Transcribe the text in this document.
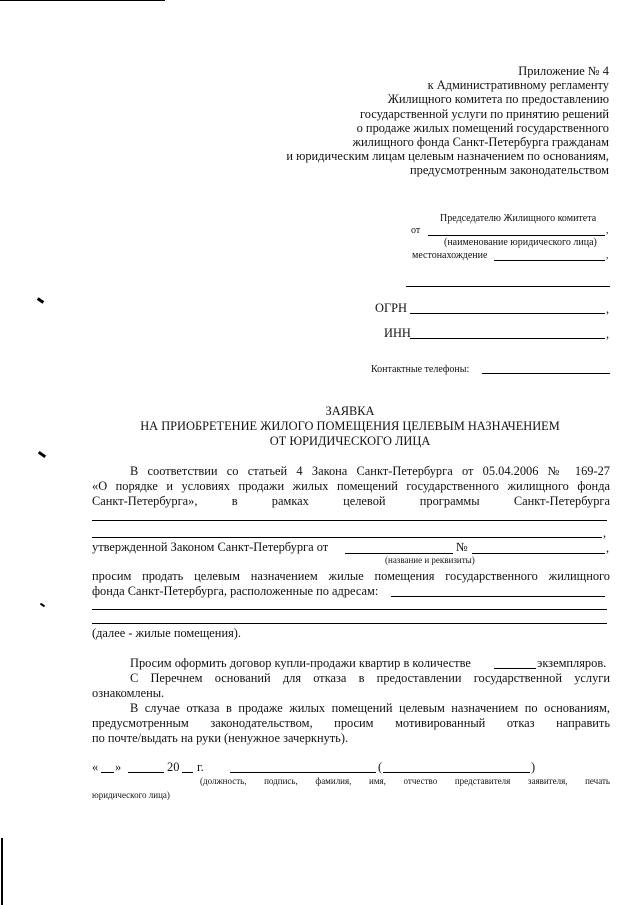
Приложение № 4
к Административному регламенту
Жилищного комитета по предоставлению
государственной услуги по принятию решений
о продаже жилых помещений государственного
жилищного фонда Санкт-Петербурга гражданам
и юридическим лицам целевым назначением по основаниям,
предусмотренным законодательством
Председателю Жилищного комитета
от	,
(наименование юридического лица)
местонахождение	,
ОГРН	,
ИНН	,
Контактные телефоны:
ЗАЯВКА
НА ПРИОБРЕТЕНИЕ ЖИЛОГО ПОМЕЩЕНИЯ ЦЕЛЕВЫМ НАЗНАЧЕНИЕМ
ОТ ЮРИДИЧЕСКОГО ЛИЦА
В соответствии со статьей 4 Закона Санкт-Петербурга от 05.04.2006 № 169-27
«О порядке и условиях продажи жилых помещений государственного жилищного фонда
Санкт-Петербурга», в рамках целевой программы Санкт-Петербурга
,
утвержденной Законом Санкт-Петербурга от	№	,
(название и реквизиты)
просим продать целевым назначением жилые помещения государственного жилищного
фонда Санкт-Петербурга, расположенные по адресам:
(далее - жилые помещения).
Просим оформить договор купли-продажи квартир в количестве	экземпляров.
С Перечнем оснований для отказа в предоставлении государственной услуги
ознакомлены.
В случае отказа в продаже жилых помещений целевым назначением по основаниям,
предусмотренным законодательством, просим мотивированный отказ направить
по почте/выдать на руки (ненужное зачеркнуть).
« »	20 г.	(	)
(должность, подпись, фамилия, имя, отчество представителя заявителя, печать
юридического лица)
